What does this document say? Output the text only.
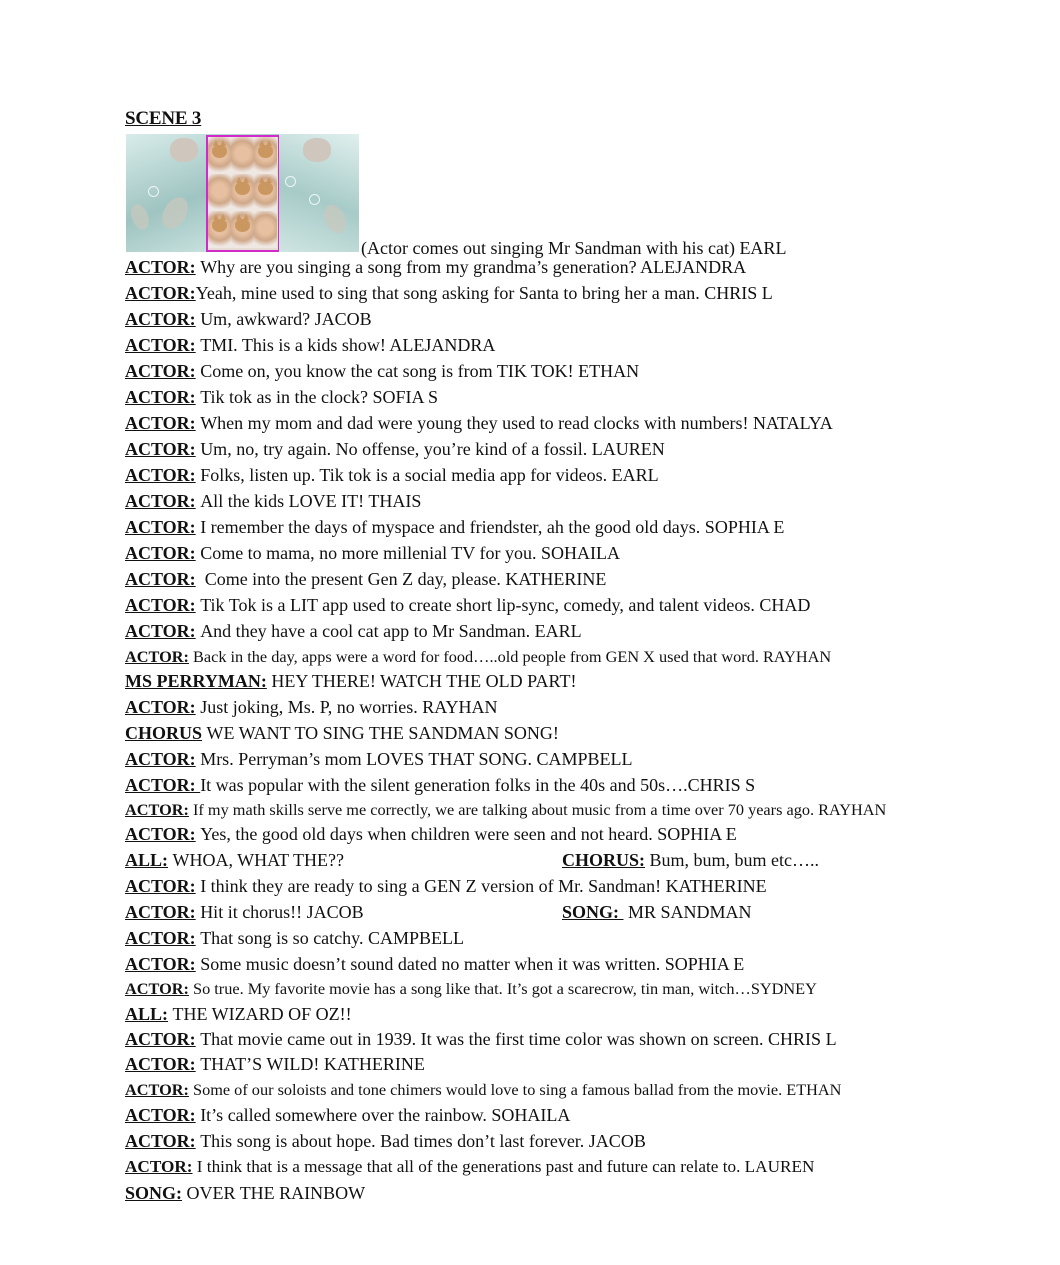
SCENE 3
(Actor comes out singing Mr Sandman with his cat) EARL
ACTOR: Why are you singing a song from my grandma’s generation? ALEJANDRA
ACTOR:Yeah, mine used to sing that song asking for Santa to bring her a man. CHRIS L
ACTOR: Um, awkward? JACOB
ACTOR: TMI. This is a kids show! ALEJANDRA
ACTOR: Come on, you know the cat song is from TIK TOK! ETHAN
ACTOR: Tik tok as in the clock? SOFIA S
ACTOR: When my mom and dad were young they used to read clocks with numbers! NATALYA
ACTOR: Um, no, try again. No offense, you’re kind of a fossil. LAUREN
ACTOR: Folks, listen up. Tik tok is a social media app for videos. EARL
ACTOR: All the kids LOVE IT! THAIS
ACTOR: I remember the days of myspace and friendster, ah the good old days. SOPHIA E
ACTOR: Come to mama, no more millenial TV for you. SOHAILA
ACTOR: Come into the present Gen Z day, please. KATHERINE
ACTOR: Tik Tok is a LIT app used to create short lip-sync, comedy, and talent videos. CHAD
ACTOR: And they have a cool cat app to Mr Sandman. EARL
ACTOR: Back in the day, apps were a word for food…..old people from GEN X used that word. RAYHAN
MS PERRYMAN: HEY THERE! WATCH THE OLD PART!
ACTOR: Just joking, Ms. P, no worries. RAYHAN
CHORUS WE WANT TO SING THE SANDMAN SONG!
ACTOR: Mrs. Perryman’s mom LOVES THAT SONG. CAMPBELL
ACTOR: It was popular with the silent generation folks in the 40s and 50s….CHRIS S
ACTOR: If my math skills serve me correctly, we are talking about music from a time over 70 years ago. RAYHAN
ACTOR: Yes, the good old days when children were seen and not heard. SOPHIA E
ALL: WHOA, WHAT THE??	CHORUS: Bum, bum, bum etc…..
ACTOR: I think they are ready to sing a GEN Z version of Mr. Sandman! KATHERINE
ACTOR: Hit it chorus!! JACOB	SONG:  MR SANDMAN
ACTOR: That song is so catchy. CAMPBELL
ACTOR: Some music doesn’t sound dated no matter when it was written. SOPHIA E
ACTOR: So true. My favorite movie has a song like that. It’s got a scarecrow, tin man, witch…SYDNEY
ALL: THE WIZARD OF OZ!!
ACTOR: That movie came out in 1939. It was the first time color was shown on screen. CHRIS L
ACTOR: THAT’S WILD! KATHERINE
ACTOR: Some of our soloists and tone chimers would love to sing a famous ballad from the movie. ETHAN
ACTOR: It’s called somewhere over the rainbow. SOHAILA
ACTOR: This song is about hope. Bad times don’t last forever. JACOB
ACTOR: I think that is a message that all of the generations past and future can relate to. LAUREN
SONG: OVER THE RAINBOW
